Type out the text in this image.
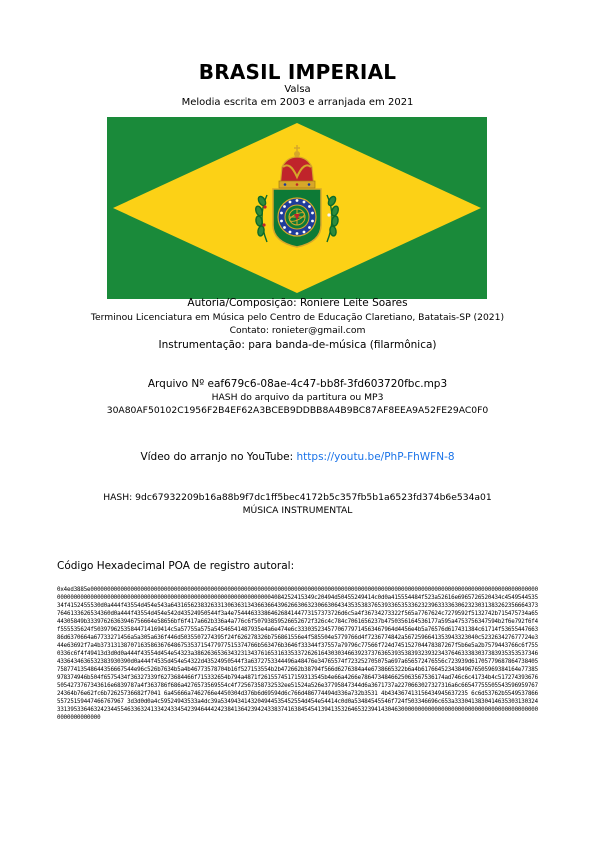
BRASIL IMPERIAL
Valsa
Melodia escrita em 2003 e arranjada em 2021
Autoria/Composição: Roniere Leite Soares
Terminou Licenciatura em Música pelo Centro de Educação Claretiano, Batatais-SP (2021)
Contato: ronieter@gmail.com
Instrumentação: para banda-de-música (filarmônica)
Arquivo Nº eaf679c6-08ae-4c47-bb8f-3fd603720fbc.mp3
HASH do arquivo da partitura ou MP3
30A80AF50102C1956F2B4EF62A3BCEB9DDBB8A4B9BC87AF8EEA9A52FE29AC0F0
Vídeo do arranjo no YouTube: https://youtu.be/PhP-FhWFN-8
HASH: 9dc67932209b16a88b9f7dc1ff5bec4172b5c357fb5b1a6523fd374b6e534a01
MÚSICA INSTRUMENTAL
Código Hexadecimal POA de registro autoral:
0x4ed3885e0000000000000000000000000000000000000000000000000000000000000000000000000000000000000000000000000000000000000000000000000000000000000000000000000000000000000000000000000000000000000000000000000000004084252415349c20494d50455249414c0d0a415554484f523a52616e6965726520434c454954453534f4152455530d0a444f43554d454e543a643165623832633130636313436636643962663063230663064343535383765393365353362323963333630623230313832623566643737646133626534360d0a444f43554d454e542d43524950544f3a4e75444633386462684144773157373726d6c5a4f36734273322f565a7767624c7279592f5132742b715475734a6544305849b33397626363946756664e58656bf6f417a662b336a4a776c6f50793859526652672f326c4c784c7061656237b4750356164536177a595a4753756347594b2f6e792f6f4f555535624f50397962535844714169414c5a57755a575a54546541487935e4a6e474e6c33303523457706779714563467964d4456e4b5a76576d617431384c61714f5365544766386d6370664a67733271456a5a305a636f446d5035507274395f24f626278326b756861556e4f585504e5779766d4f7236774842a5672596641353943323040c523263427677724e344e63692f7a4b37313138707163586367648675353715477977515374766b563476b3646f33344f37557a79796c77566f724d745152704478387267f5b6e5a2b7579443766c6f7550336c6f4f49413d3d0d0a444f43554d454e54323a38626365363432313437616531633533726261643030346639237376365393538393239323437646333830373839353535373464336434636532383930390d0a444f4535d454e54322d43524950544f3a6372753344496a48476e34765574f723252705075a697a656572476556c723939d6170577968786473840575877413548644356667544e96c526b7634b5a4b46773578704b16f527153554b2b472662b38794f566d6276384a4e6738665322b6a4b61766452343849676505969384164e77385978374946b504f6575434f36327339f6273684466f715332654b794a4871f2615574517159313545b4e66a4266e7864734846625063567536174ad746c6c41734b4c5172743936765054273767343616e6839787a4f363786f686a4276573569554c4f72567358732532ee51524a526e37795847344d6a3671737a2270663027327316a6c6654775550554359695976724364b76e62fc6b72625736682f7041 6a45666a7462766e4450304d376b6d69594d6c766d486774494d336a732b3531 4b434367413156434945637235 6c6d53762b554953786655725159447466767967 3d3d0d0a4c59524943533a4dc39a5349434143204944535452554d454e54414c0d0a53484545546f724f503346696c653a33304138304146353031303243313953364632423445546336324133424334542394644424238413642394243383741638454541394135326465323941430463000000000000000000000000000000000000000000000000000000
